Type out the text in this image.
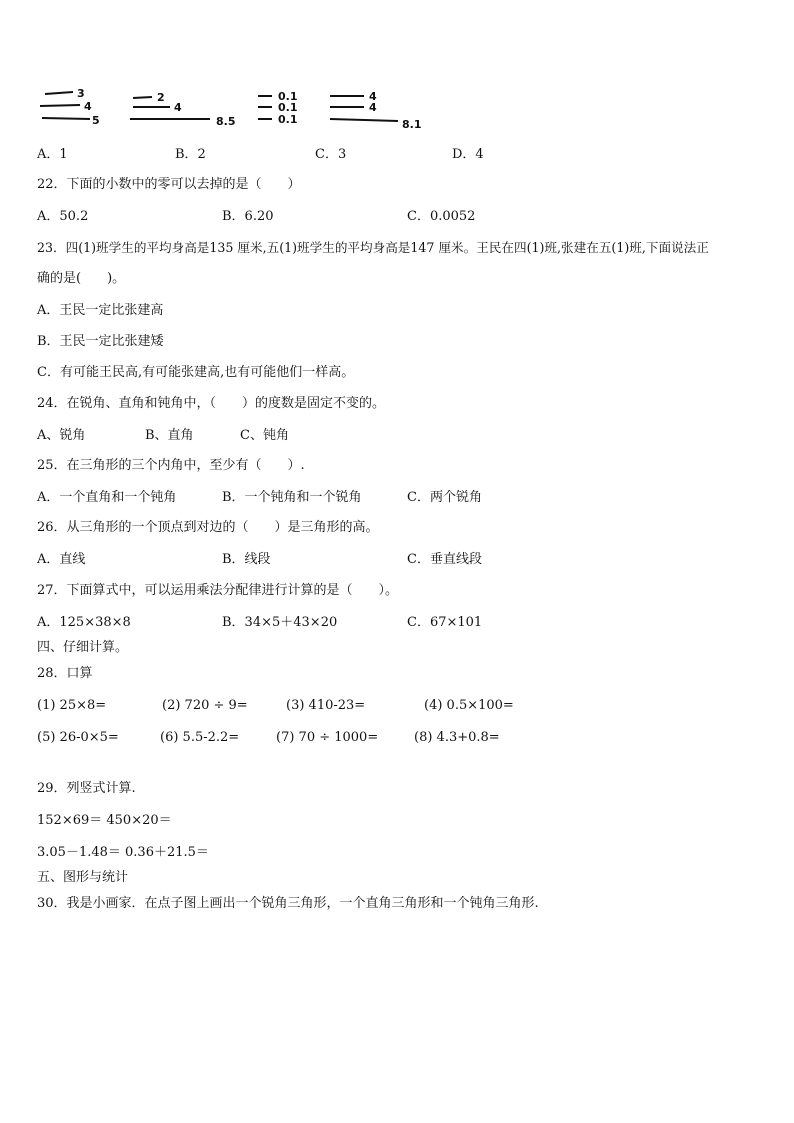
3
4
5
2
4
8.5
0.1
0.1
0.1
4
4
8.1
A．1	B．2	C．3	D．4
22．下面的小数中的零可以去掉的是（　　）
A．50.2	B．6.20	C．0.0052
23．四(1)班学生的平均身高是135 厘米,五(1)班学生的平均身高是147 厘米。王民在四(1)班,张建在五(1)班,下面说法正
确的是(　　)。
A．王民一定比张建高
B．王民一定比张建矮
C．有可能王民高,有可能张建高,也有可能他们一样高。
24．在锐角、直角和钝角中，（　　）的度数是固定不变的。
A、锐角	B、直角	C、钝角
25．在三角形的三个内角中，至少有（　　）.
A．一个直角和一个钝角	B．一个钝角和一个锐角	C．两个锐角
26．从三角形的一个顶点到对边的（　　）是三角形的高。
A．直线	B．线段	C．垂直线段
27．下面算式中，可以运用乘法分配律进行计算的是（　　）。
A．125×38×8	B．34×5＋43×20	C．67×101
四、仔细计算。
28．口算
(1) 25×8=	(2) 720 ÷ 9=	(3) 410-23=	(4) 0.5×100=
(5) 26-0×5=	(6) 5.5-2.2=	(7) 70 ÷ 1000=	(8) 4.3+0.8=
29．列竖式计算.
152×69＝ 450×20＝
3.05－1.48＝ 0.36＋21.5＝
五、图形与统计
30．我是小画家．在点子图上画出一个锐角三角形，一个直角三角形和一个钝角三角形.
